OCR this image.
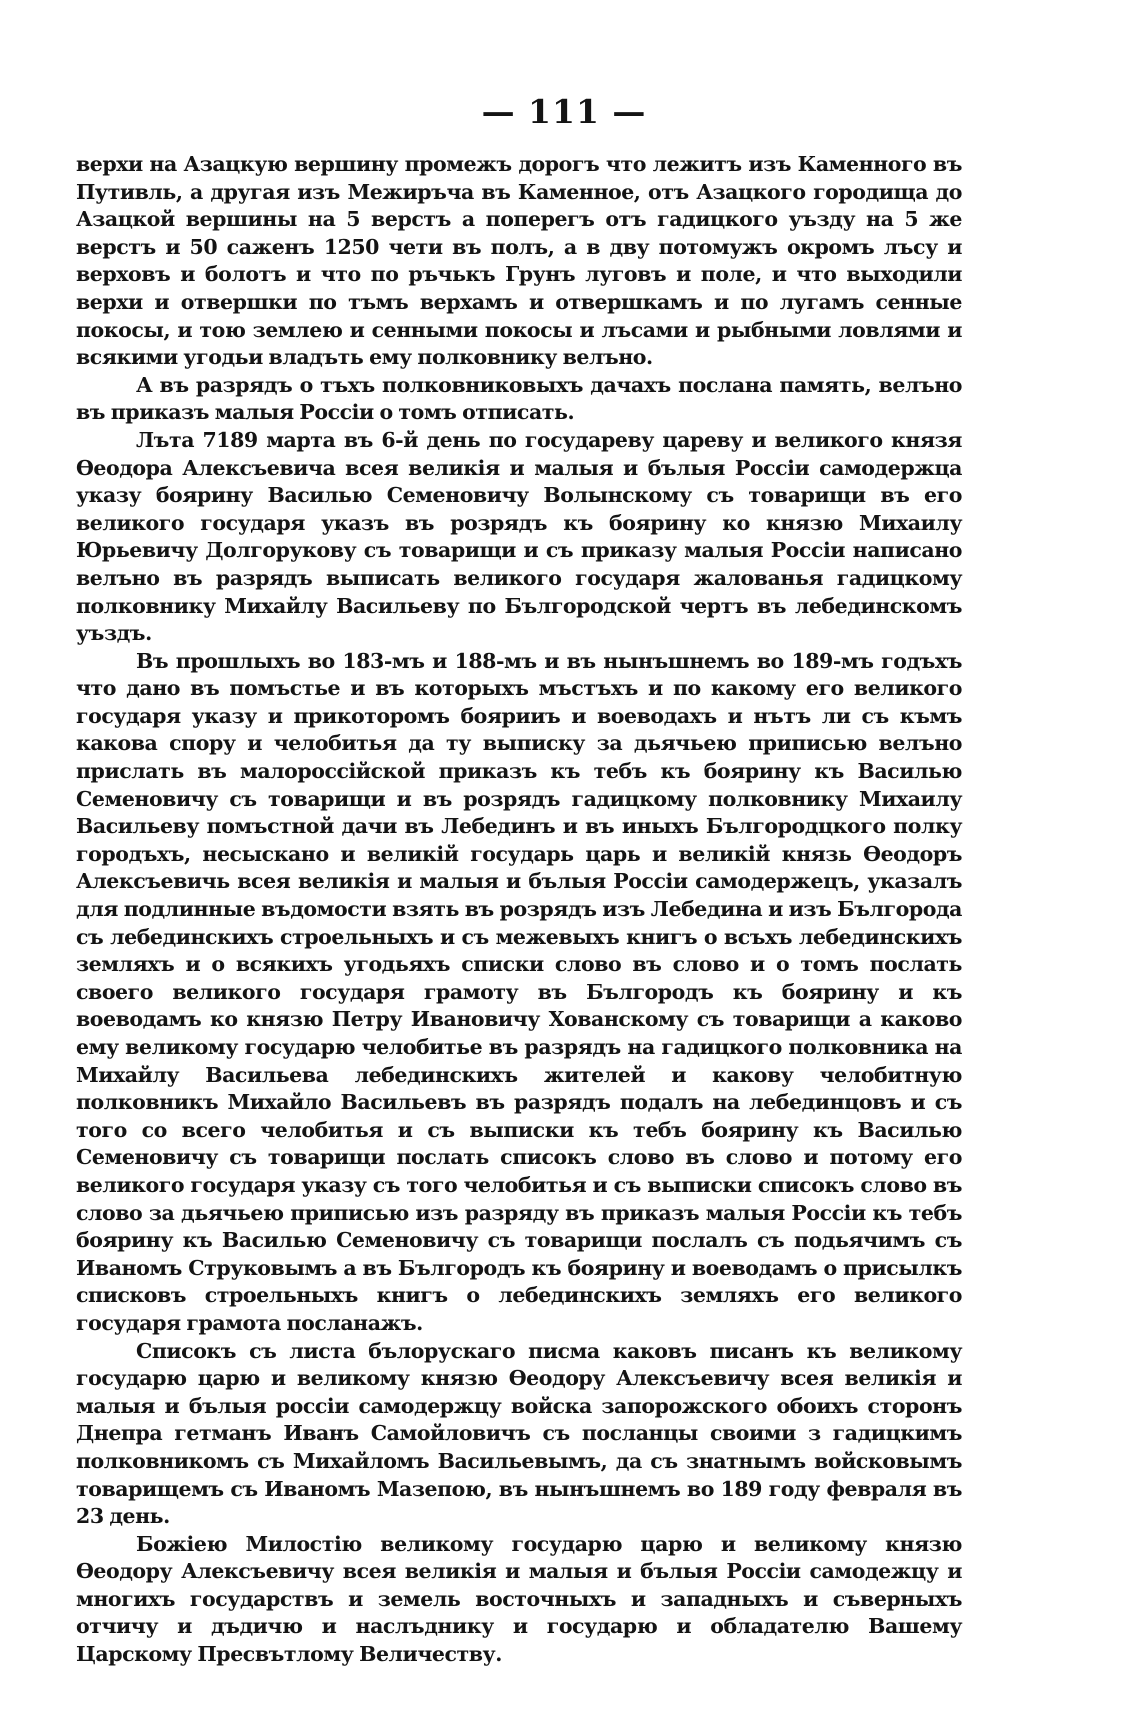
— 111 —

верхи на Азацкую вершину промежъ дорогъ что лежитъ изъ Каменного въ Путивль, а другая изъ Межиръча въ Каменное, отъ Азацкого городища до Азацкой вершины на 5 верстъ а поперегъ отъ гадицкого уъзду на 5 же верстъ и 50 саженъ 1250 чети въ полъ, а в дву потомужъ окромъ лъсу и верховъ и болотъ и что по ръчькъ Грунъ луговъ и поле, и что выходили верхи и отвершки по тъмъ верхамъ и отвершкамъ и по лугамъ сенные покосы, и тою землею и сенными покосы и лъсами и рыбными ловлями и всякими угодьи владъть ему полковнику велъно.

А въ разрядъ о тъхъ полковниковыхъ дачахъ послана память, велъно въ приказъ малыя Россіи о томъ отписать.

Лъта 7189 марта въ 6-й день по государеву цареву и великого князя Өеодора Алексъевича всея великія и малыя и бълыя Россіи самодержца указу боярину Василью Семеновичу Волынскому съ товарищи въ его великого государя указъ въ розрядъ къ боярину ко князю Михаилу Юрьевичу Долгорукову съ товарищи и съ приказу малыя Россіи написано велъно въ разрядъ выписать великого государя жалованья гадицкому полковнику Михайлу Васильеву по Бългородской чертъ въ лебединскомъ уъздъ.

Въ прошлыхъ во 183-мъ и 188-мъ и въ нынъшнемъ во 189-мъ годъхъ что дано въ помъстье и въ которыхъ мъстъхъ и по какому его великого государя указу и прикоторомъ боярииъ и воеводахъ и нътъ ли съ къмъ какова спору и челобитья да ту выписку за дьячьею приписью велъно прислать въ малороссійской приказъ къ тебъ къ боярину къ Василью Семеновичу съ товарищи и въ розрядъ гадицкому полковнику Михаилу Васильеву помъстной дачи въ Лебединъ и въ иныхъ Бългородцкого полку городъхъ, несыскано и великій государь царь и великій князь Өеодоръ Алексъевичь всея великія и малыя и бълыя Россіи самодержецъ, указалъ для подлинные въдомости взять въ розрядъ изъ Лебедина и изъ Бългорода съ лебединскихъ строельныхъ и съ межевыхъ книгъ о всъхъ лебединскихъ земляхъ и о всякихъ угодьяхъ списки слово въ слово и о томъ послать своего великого государя грамоту въ Бългородъ къ боярину и къ воеводамъ ко князю Петру Ивановичу Хованскому съ товарищи а каково ему великому государю челобитье въ разрядъ на гадицкого полковника на Михайлу Васильева лебединскихъ жителей и какову челобитную полковникъ Михайло Васильевъ въ разрядъ подалъ на лебединцовъ и съ того со всего челобитья и съ выписки къ тебъ боярину къ Василью Семеновичу съ товарищи послать списокъ слово въ слово и потому его великого государя указу съ того челобитья и съ выписки списокъ слово въ слово за дьячьею приписью изъ разряду въ приказъ малыя Россіи къ тебъ боярину къ Василью Семеновичу съ товарищи послалъ съ подьячимъ съ Иваномъ Струковымъ а въ Бългородъ къ боярину и воеводамъ о присылкъ списковъ строельныхъ книгъ о лебединскихъ земляхъ его великого государя грамота посланажъ.

Списокъ съ листа бълорускаго писма каковъ писанъ къ великому государю царю и великому князю Өеодору Алексъевичу всея великія и малыя и бълыя россіи самодержцу войска запорожского обоихъ сторонъ Днепра гетманъ Иванъ Самойловичъ съ посланцы своими з гадицкимъ полковникомъ съ Михайломъ Васильевымъ, да съ знатнымъ войсковымъ товарищемъ съ Иваномъ Мазепою, въ нынъшнемъ во 189 году февраля въ 23 день.

Божіею Милостію великому государю царю и великому князю Өеодору Алексъевичу всея великія и малыя и бълыя Россіи самодежцу и многихъ государствъ и земель восточныхъ и западныхъ и съверныхъ отчичу и дъдичю и наслъднику и государю и обладателю Вашему Царскому Пресвътлому Величеству.
